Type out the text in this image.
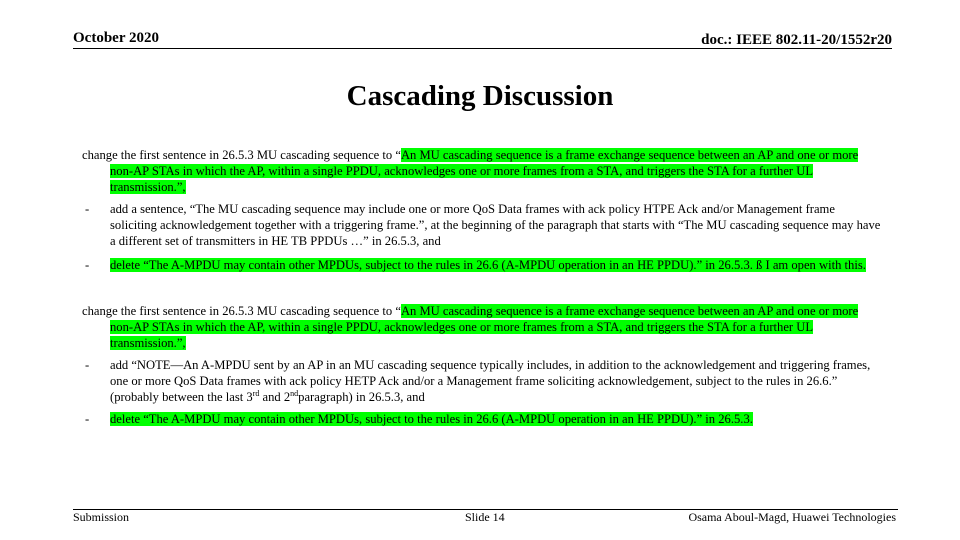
October 2020	doc.: IEEE 802.11-20/1552r20
Cascading Discussion

change the first sentence in 26.5.3 MU cascading sequence to “An MU cascading sequence is a frame exchange sequence between an AP and one or more non-AP STAs in which the AP, within a single PPDU, acknowledges one or more frames from a STA, and triggers the STA for a further UL transmission.”,

- add a sentence, “The MU cascading sequence may include one or more QoS Data frames with ack policy HTPE Ack and/or Management frame soliciting acknowledgement together with a triggering frame.”, at the beginning of the paragraph that starts with “The MU cascading sequence may have a different set of transmitters in HE TB PPDUs …” in 26.5.3, and
- delete “The A-MPDU may contain other MPDUs, subject to the rules in 26.6 (A-MPDU operation in an HE PPDU).” in 26.5.3. ß I am open with this.

change the first sentence in 26.5.3 MU cascading sequence to “An MU cascading sequence is a frame exchange sequence between an AP and one or more non-AP STAs in which the AP, within a single PPDU, acknowledges one or more frames from a STA, and triggers the STA for a further UL transmission.”,

- add “NOTE—An A-MPDU sent by an AP in an MU cascading sequence typically includes, in addition to the acknowledgement and triggering frames, one or more QoS Data frames with ack policy HETP Ack and/or a Management frame soliciting acknowledgement, subject to the rules in 26.6.” (probably between the last 3rd and 2ndparagraph) in 26.5.3, and
- delete “The A-MPDU may contain other MPDUs, subject to the rules in 26.6 (A-MPDU operation in an HE PPDU).” in 26.5.3.
Submission	Slide 14	Osama Aboul-Magd, Huawei Technologies
